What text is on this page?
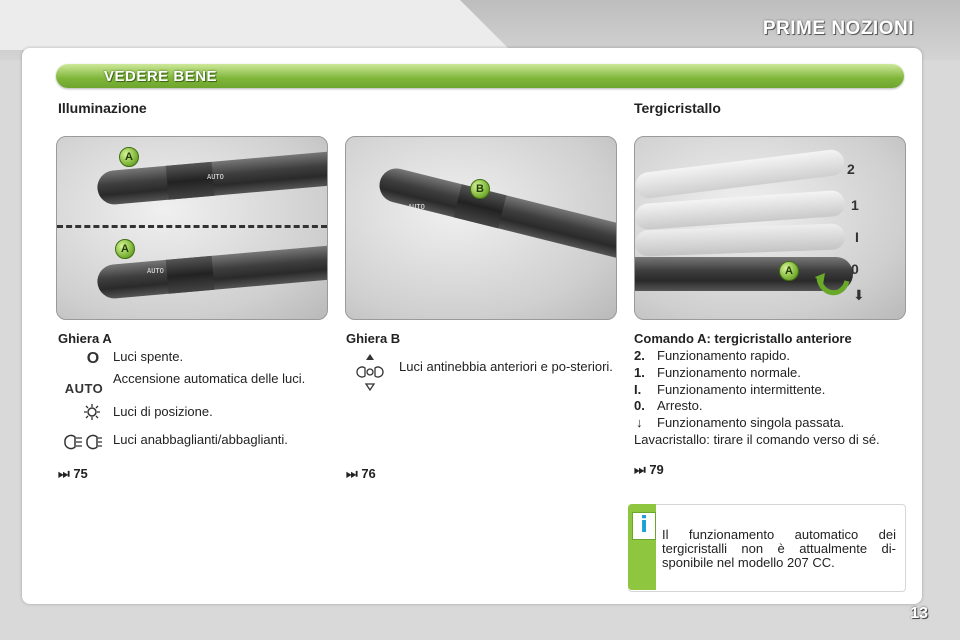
PRIME NOZIONI
VEDERE BENE
Illuminazione	Tergicristallo
AUTO
A
AUTO
A
AUTO
B
A
2
1
I
0
⬇
Ghiera A
O Luci spente.
AUTO
Accensione automatica delle luci.
Luci di posizione.
Luci anabbaglianti/abbaglianti.
⏭ 75
Ghiera B
Luci antinebbia anteriori e po-steriori.
⏭ 76
Comando A: tergicristallo anteriore
2. Funzionamento rapido.
1. Funzionamento normale.
I. Funzionamento intermittente.
0. Arresto.
↓ Funzionamento singola passata.
Lavacristallo: tirare il comando verso di sé.
⏭ 79
i	Il funzionamento automatico dei tergicristalli non è attualmente di-sponibile nel modello 207 CC.
13
